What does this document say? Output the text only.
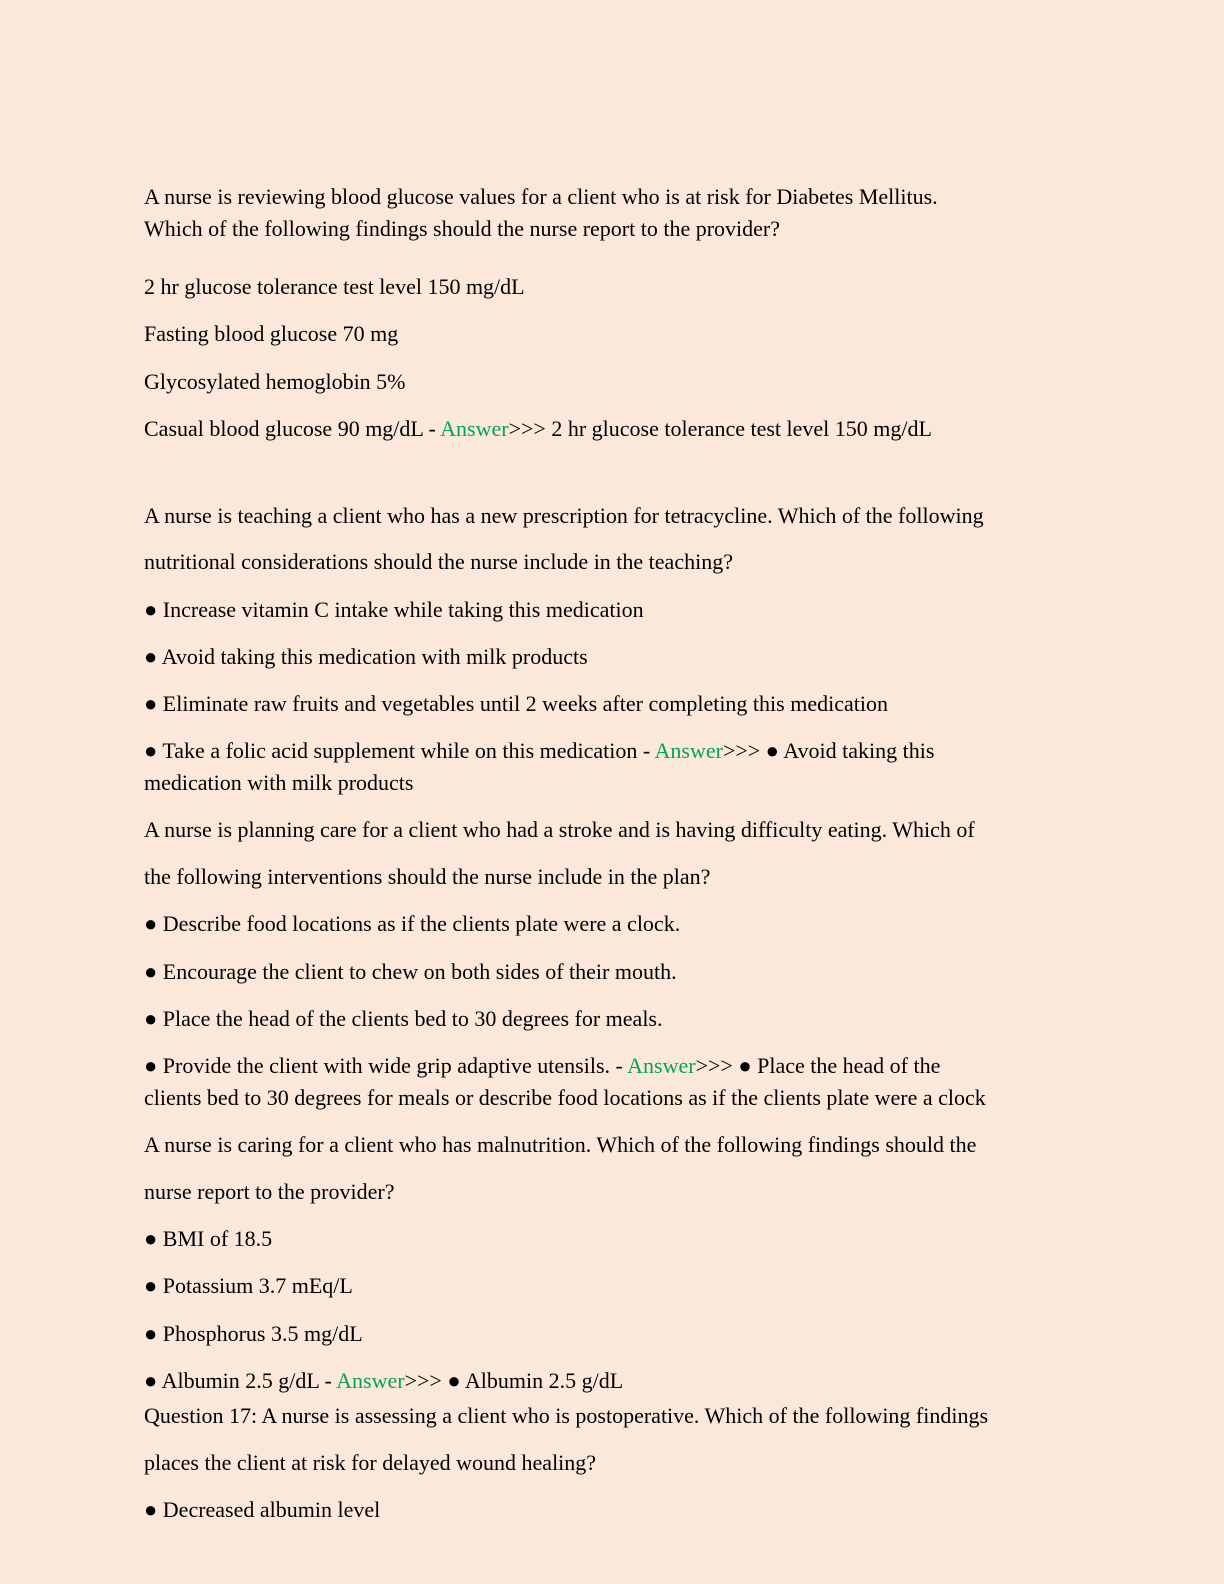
A nurse is reviewing blood glucose values for a client who is at risk for Diabetes Mellitus.
Which of the following findings should the nurse report to the provider?
2 hr glucose tolerance test level 150 mg/dL
Fasting blood glucose 70 mg
Glycosylated hemoglobin 5%
Casual blood glucose 90 mg/dL - Answer>>> 2 hr glucose tolerance test level 150 mg/dL
A nurse is teaching a client who has a new prescription for tetracycline. Which of the following
nutritional considerations should the nurse include in the teaching?
● Increase vitamin C intake while taking this medication
● Avoid taking this medication with milk products
● Eliminate raw fruits and vegetables until 2 weeks after completing this medication
● Take a folic acid supplement while on this medication - Answer>>> ● Avoid taking this
medication with milk products
A nurse is planning care for a client who had a stroke and is having difficulty eating. Which of
the following interventions should the nurse include in the plan?
● Describe food locations as if the clients plate were a clock.
● Encourage the client to chew on both sides of their mouth.
● Place the head of the clients bed to 30 degrees for meals.
● Provide the client with wide grip adaptive utensils. - Answer>>> ● Place the head of the
clients bed to 30 degrees for meals or describe food locations as if the clients plate were a clock
A nurse is caring for a client who has malnutrition. Which of the following findings should the
nurse report to the provider?
● BMI of 18.5
● Potassium 3.7 mEq/L
● Phosphorus 3.5 mg/dL
● Albumin 2.5 g/dL - Answer>>> ● Albumin 2.5 g/dL
Question 17: A nurse is assessing a client who is postoperative. Which of the following findings
places the client at risk for delayed wound healing?
● Decreased albumin level
